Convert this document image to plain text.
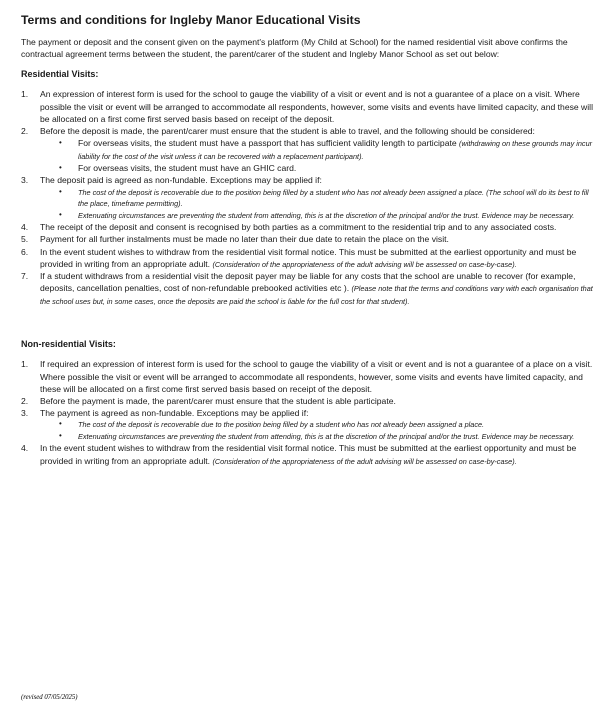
Terms and conditions for Ingleby Manor Educational Visits

The payment or deposit and the consent given on the payment's platform (My Child at School) for the named residential visit above confirms the contractual agreement terms between the student, the parent/carer of the student and Ingleby Manor School as set out below:

Residential Visits:
1. An expression of interest form is used for the school to gauge the viability of a visit or event and is not a guarantee of a place on a visit. Where possible the visit or event will be arranged to accommodate all respondents, however, some visits and events have limited capacity, and these will be allocated on a first come first served basis based on receipt of the deposit.
2. Before the deposit is made, the parent/carer must ensure that the student is able to travel, and the following should be considered:
• For overseas visits, the student must have a passport that has sufficient validity length to participate (withdrawing on these grounds may incur liability for the cost of the visit unless it can be recovered with a replacement participant).
• For overseas visits, the student must have an GHIC card.
3. The deposit paid is agreed as non-fundable. Exceptions may be applied if:
• The cost of the deposit is recoverable due to the position being filled by a student who has not already been assigned a place. (The school will do its best to fill the place, timeframe permitting).
• Extenuating circumstances are preventing the student from attending, this is at the discretion of the principal and/or the trust. Evidence may be necessary.
4. The receipt of the deposit and consent is recognised by both parties as a commitment to the residential trip and to any associated costs.
5. Payment for all further instalments must be made no later than their due date to retain the place on the visit.
6. In the event student wishes to withdraw from the residential visit formal notice. This must be submitted at the earliest opportunity and must be provided in writing from an appropriate adult. (Consideration of the appropriateness of the adult advising will be assessed on case-by-case).
7. If a student withdraws from a residential visit the deposit payer may be liable for any costs that the school are unable to recover (for example, deposits, cancellation penalties, cost of non-refundable prebooked activities etc ). (Please note that the terms and conditions vary with each organisation that the school uses but, in some cases, once the deposits are paid the school is liable for the full cost for that student).
Non-residential Visits:
1. If required an expression of interest form is used for the school to gauge the viability of a visit or event and is not a guarantee of a place on a visit. Where possible the visit or event will be arranged to accommodate all respondents, however, some visits and events have limited capacity, and these will be allocated on a first come first served basis based on receipt of the deposit.
2. Before the payment is made, the parent/carer must ensure that the student is able participate.
3. The payment is agreed as non-fundable. Exceptions may be applied if:
• The cost of the deposit is recoverable due to the position being filled by a student who has not already been assigned a place.
• Extenuating circumstances are preventing the student from attending, this is at the discretion of the principal and/or the trust. Evidence may be necessary.
4. In the event student wishes to withdraw from the residential visit formal notice. This must be submitted at the earliest opportunity and must be provided in writing from an appropriate adult. (Consideration of the appropriateness of the adult advising will be assessed on case-by-case).
(revised 07/05/2025)
